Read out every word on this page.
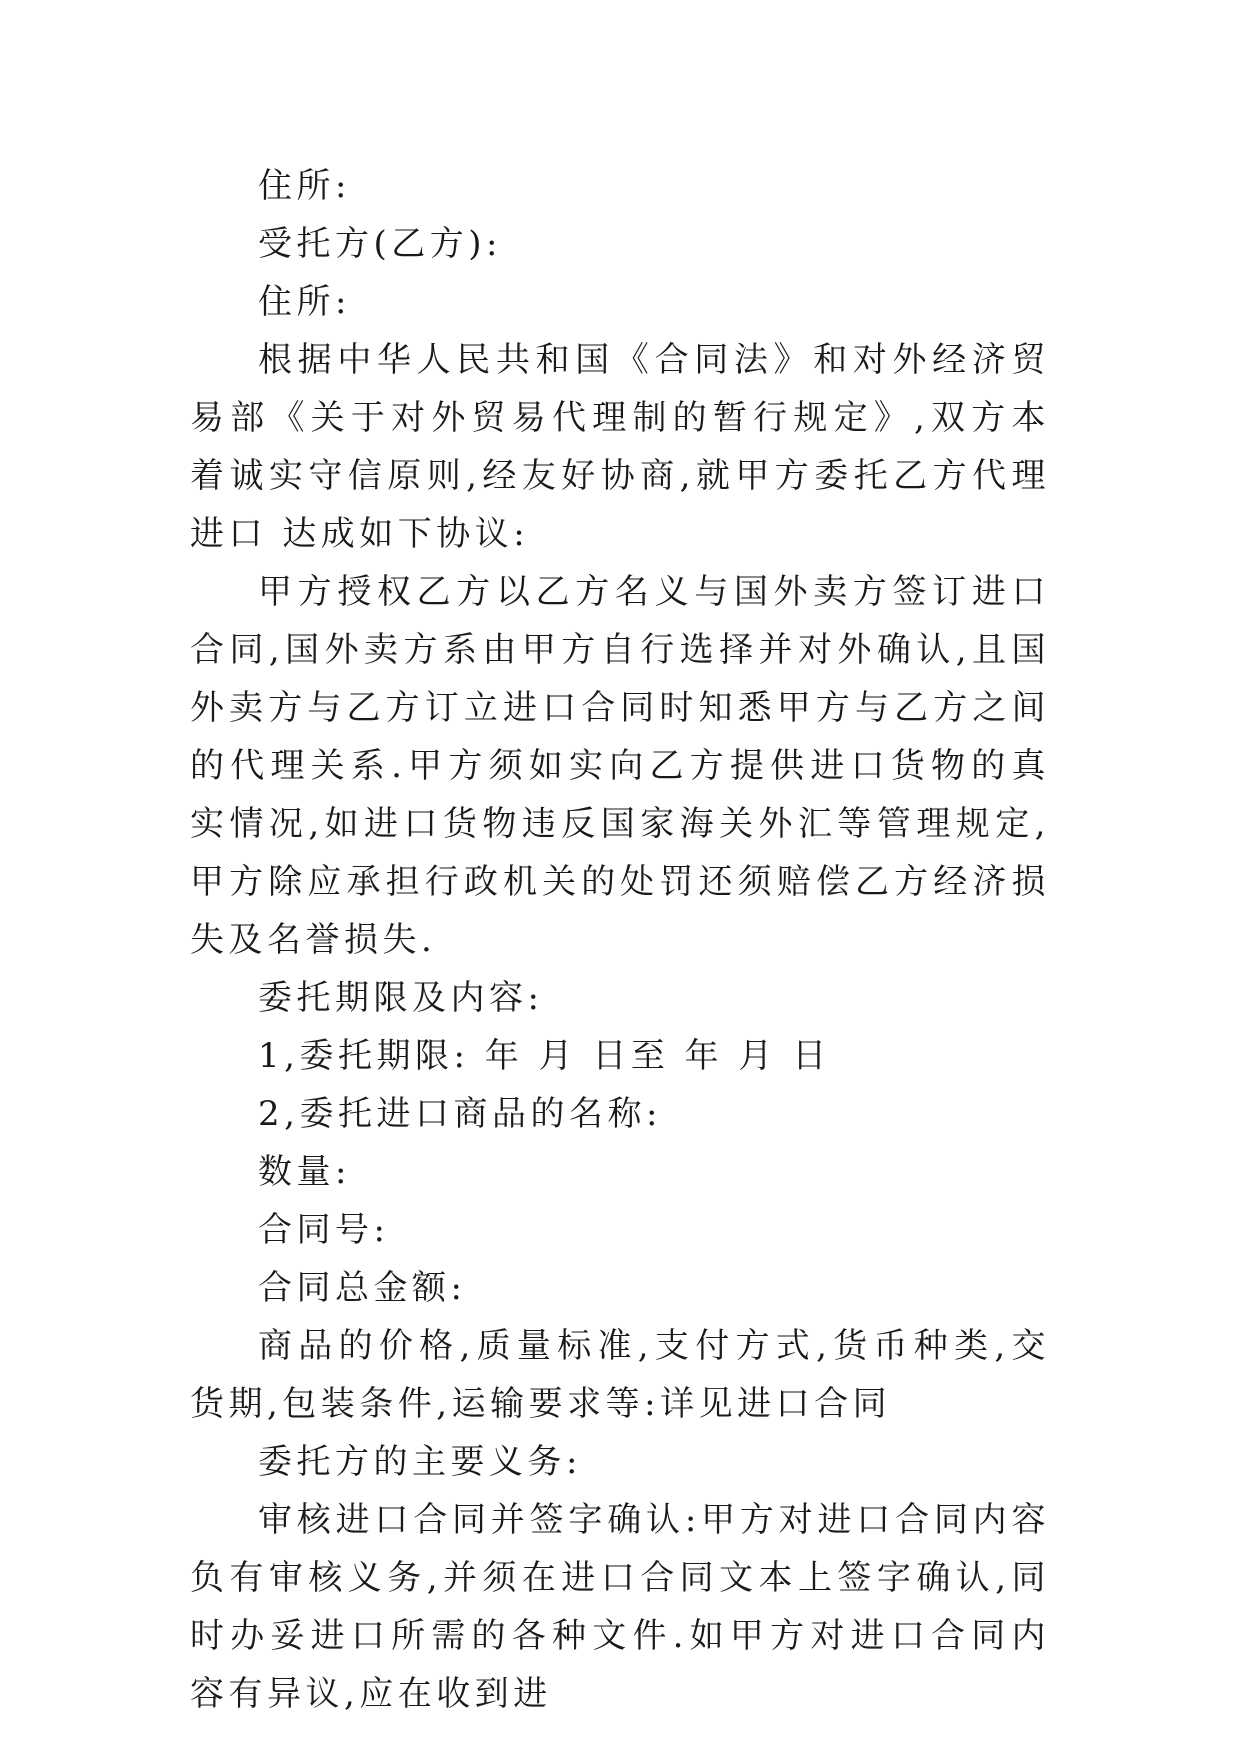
住所:

受托方(乙方):

住所:

根据中华人民共和国《合同法》和对外经济贸易部《关于对外贸易代理制的暂行规定》,双方本着诚实守信原则,经友好协商,就甲方委托乙方代理进口 达成如下协议:

甲方授权乙方以乙方名义与国外卖方签订进口合同,国外卖方系由甲方自行选择并对外确认,且国外卖方与乙方订立进口合同时知悉甲方与乙方之间的代理关系.甲方须如实向乙方提供进口货物的真实情况,如进口货物违反国家海关外汇等管理规定,甲方除应承担行政机关的处罚还须赔偿乙方经济损失及名誉损失.

委托期限及内容:

1,委托期限: 年 月 日至 年 月 日

2,委托进口商品的名称:

数量:

合同号:

合同总金额:

商品的价格,质量标准,支付方式,货币种类,交货期,包装条件,运输要求等:详见进口合同

委托方的主要义务:

审核进口合同并签字确认:甲方对进口合同内容负有审核义务,并须在进口合同文本上签字确认,同时办妥进口所需的各种文件.如甲方对进口合同内容有异议,应在收到进
